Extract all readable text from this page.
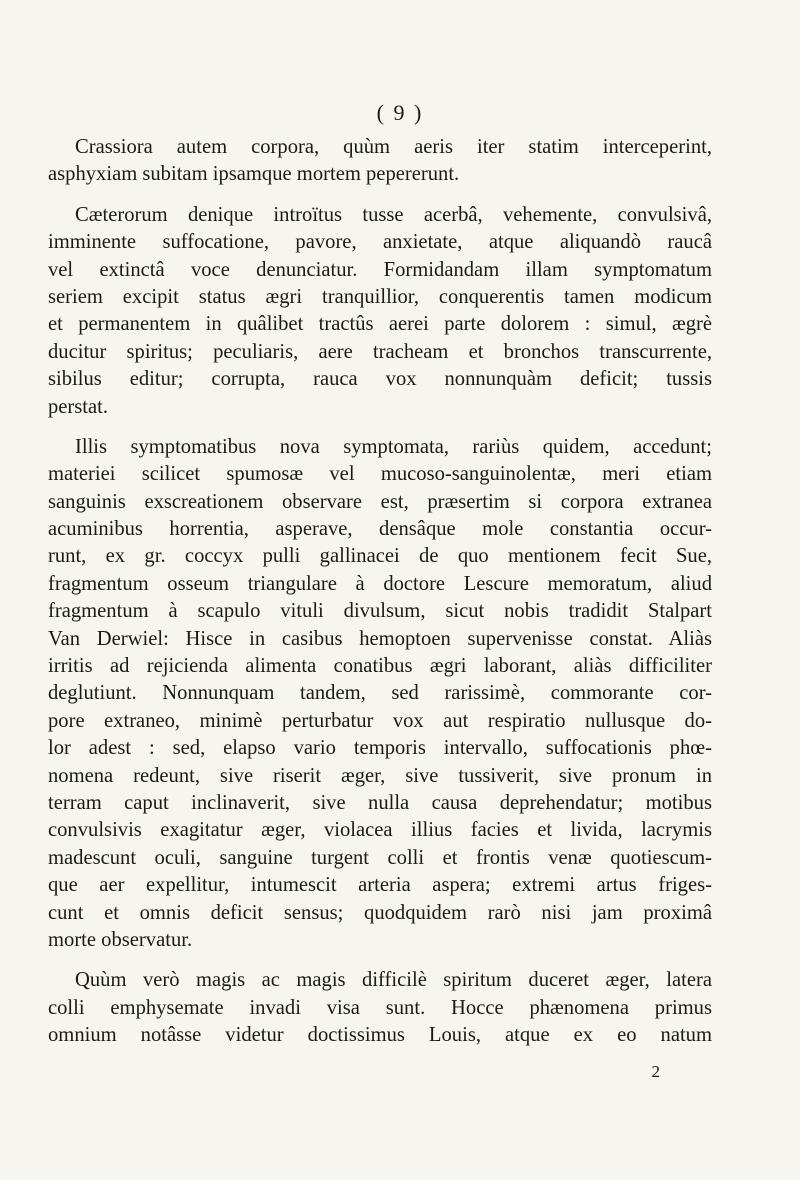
( 9 )
Crassiora autem corpora, quùm aeris iter statim interceperint,
asphyxiam subitam ipsamque mortem pepererunt.
Cæterorum denique introïtus tusse acerbâ, vehemente, convulsivâ,
imminente suffocatione, pavore, anxietate, atque aliquandò raucâ
vel extinctâ voce denunciatur. Formidandam illam symptomatum
seriem excipit status ægri tranquillior, conquerentis tamen modicum
et permanentem in quâlibet tractûs aerei parte dolorem : simul, ægrè
ducitur spiritus; peculiaris, aere tracheam et bronchos transcurrente,
sibilus editur; corrupta, rauca vox nonnunquàm deficit; tussis
perstat.
Illis symptomatibus nova symptomata, rariùs quidem, accedunt;
materiei scilicet spumosæ vel mucoso-sanguinolentæ, meri etiam
sanguinis exscreationem observare est, præsertim si corpora extranea
acuminibus horrentia, asperave, densâque mole constantia occur-
runt, ex gr. coccyx pulli gallinacei de quo mentionem fecit Sue,
fragmentum osseum triangulare à doctore Lescure memoratum, aliud
fragmentum à scapulo vituli divulsum, sicut nobis tradidit Stalpart
Van Derwiel: Hisce in casibus hemoptoen supervenisse constat. Aliàs
irritis ad rejicienda alimenta conatibus ægri laborant, aliàs difficiliter
deglutiunt. Nonnunquam tandem, sed rarissimè, commorante cor-
pore extraneo, minimè perturbatur vox aut respiratio nullusque do-
lor adest : sed, elapso vario temporis intervallo, suffocationis phœ-
nomena redeunt, sive riserit æger, sive tussiverit, sive pronum in
terram caput inclinaverit, sive nulla causa deprehendatur; motibus
convulsivis exagitatur æger, violacea illius facies et livida, lacrymis
madescunt oculi, sanguine turgent colli et frontis venæ quotiescum-
que aer expellitur, intumescit arteria aspera; extremi artus friges-
cunt et omnis deficit sensus; quodquidem rarò nisi jam proximâ
morte observatur.
Quùm verò magis ac magis difficilè spiritum duceret æger, latera
colli emphysemate invadi visa sunt. Hocce phænomena primus
omnium notâsse videtur doctissimus Louis, atque ex eo natum
2
